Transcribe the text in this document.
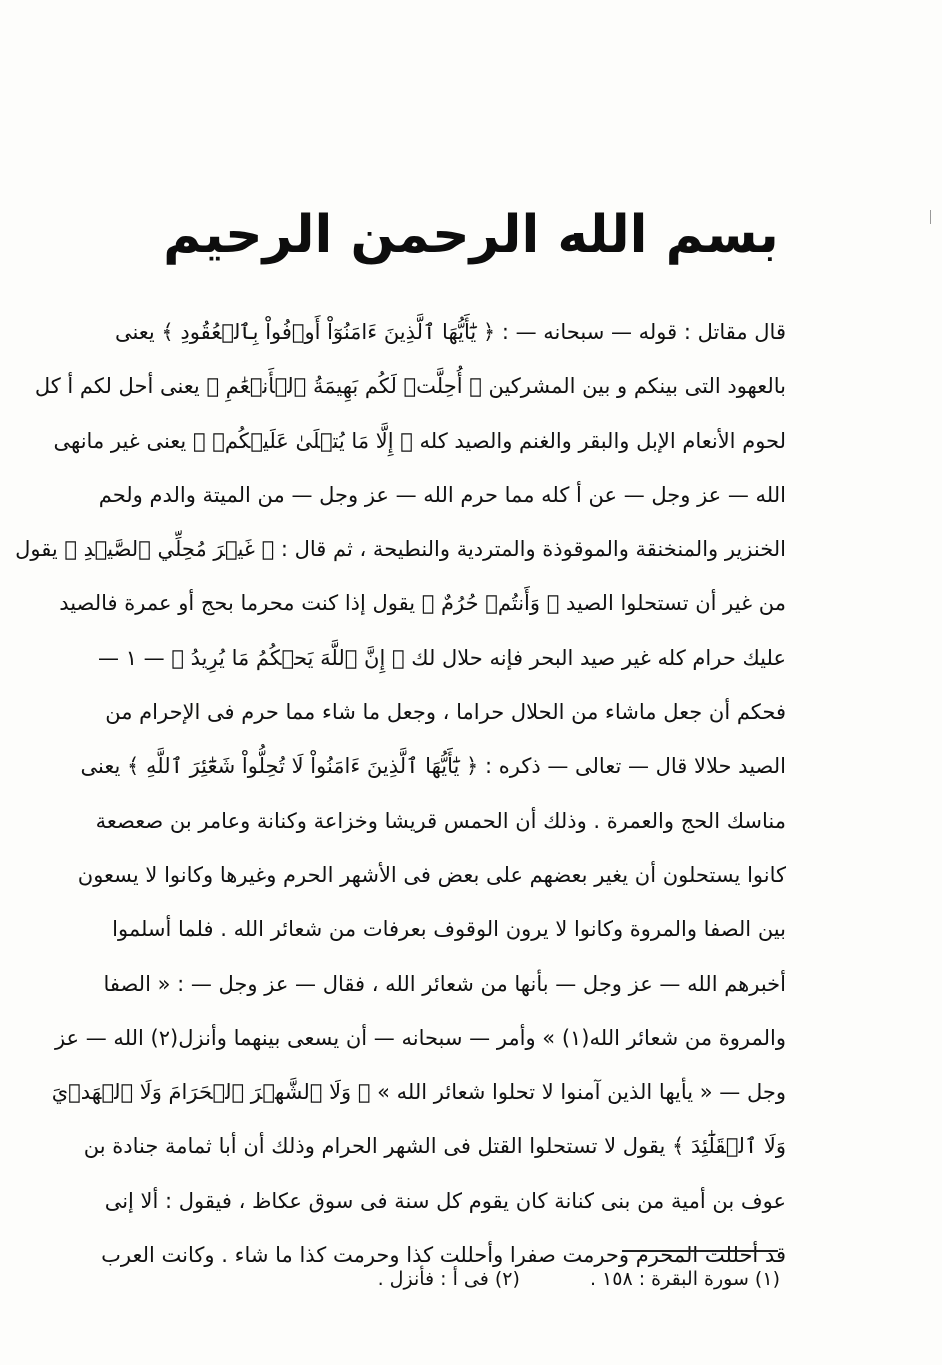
بسم الله الرحمن الرحيم
قال مقاتل : قوله — سبحانه — : ﴿ يَٰٓأَيُّهَا ٱلَّذِينَ ءَامَنُوٓاْ أَوۡفُواْ بِٱلۡعُقُودِ ﴾ يعنى
بالعهود التى بينكم و بين المشركين ﴿ أُحِلَّتۡ لَكُم بَهِيمَةُ ٱلۡأَنۡعَٰمِ ﴾ يعنى أحل لكم أ كل
لحوم الأنعام الإبل والبقر والغنم والصيد كله ﴿ إِلَّا مَا يُتۡلَىٰ عَلَيۡكُمۡ ﴾ يعنى غير مانهى
الله — عز وجل — عن أ كله مما حرم الله — عز وجل — من الميتة والدم ولحم
الخنزير والمنخنقة والموقوذة والمتردية والنطيحة ، ثم قال : ﴿ غَيۡرَ مُحِلِّي ٱلصَّيۡدِ ﴾ يقول
من غير أن تستحلوا الصيد ﴿ وَأَنتُمۡ حُرُمٌ ﴾ يقول إذا كنت محرما بحج أو عمرة فالصيد
عليك حرام كله غير صيد البحر فإنه حلال لك ﴿ إِنَّ ٱللَّهَ يَحۡكُمُ مَا يُرِيدُ ﴾ — ١ —
فحكم أن جعل ماشاء من الحلال حراما ، وجعل ما شاء مما حرم فى الإحرام من
الصيد حلالا قال — تعالى — ذكره : ﴿ يَٰٓأَيُّهَا ٱلَّذِينَ ءَامَنُواْ لَا تُحِلُّواْ شَعَٰٓئِرَ ٱللَّهِ ﴾ يعنى
مناسك الحج والعمرة . وذلك أن الحمس قريشا وخزاعة وكنانة وعامر بن صعصعة
كانوا يستحلون أن يغير بعضهم على بعض فى الأشهر الحرم وغيرها وكانوا لا يسعون
بين الصفا والمروة وكانوا لا يرون الوقوف بعرفات من شعائر الله . فلما أسلموا
أخبرهم الله — عز وجل — بأنها من شعائر الله ، فقال — عز وجل — : « الصفا
والمروة من شعائر الله(١) » وأمر — سبحانه — أن يسعى بينهما وأنزل(٢) الله — عز
وجل — « يأيها الذين آمنوا لا تحلوا شعائر الله » ﴿ وَلَا ٱلشَّهۡرَ ٱلۡحَرَامَ وَلَا ٱلۡهَدۡيَ
وَلَا ٱلۡقَلَٰٓئِدَ ﴾ يقول لا تستحلوا القتل فى الشهر الحرام وذلك أن أبا ثمامة جنادة بن
عوف بن أمية من بنى كنانة كان يقوم كل سنة فى سوق عكاظ ، فيقول : ألا إنى
قد أحللت المحرم وحرمت صفرا وأحللت كذا وحرمت كذا ما شاء . وكانت العرب
(١) سورة البقرة : ١٥٨ .
(٢) فى أ : فأنزل .
